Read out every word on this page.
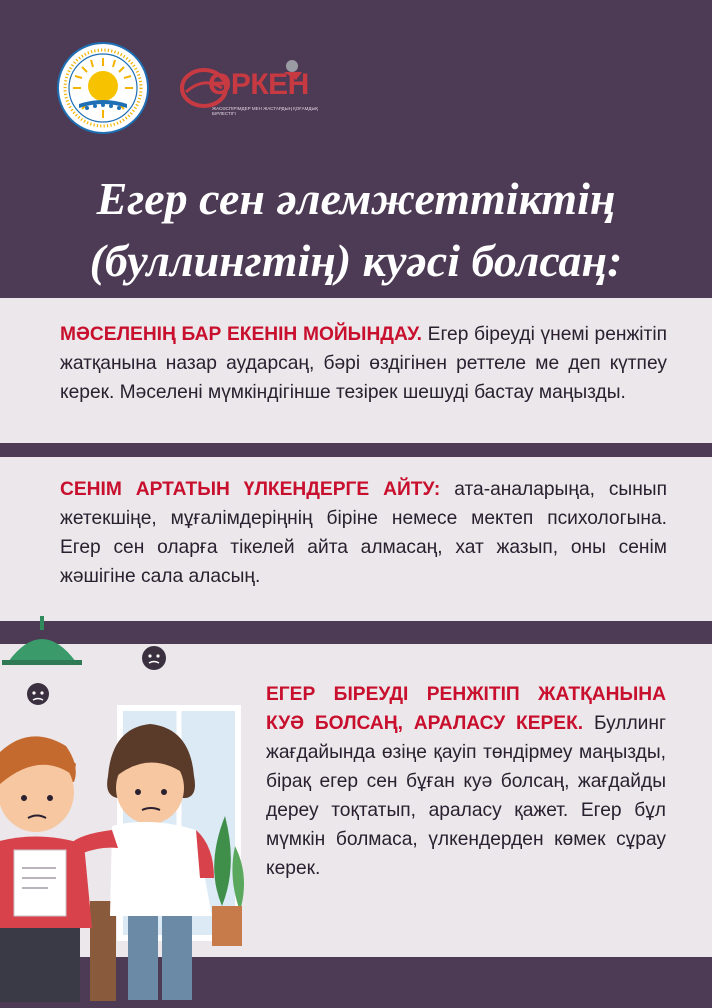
ӨРКЕН
ЖАСӨСПІРІМДЕР МЕН ЖАСТАРДЫҢ ҚОҒАМДЫҚ БІРЛЕСТІГІ
Егер сен әлемжеттіктің
(буллингтің) куәсі болсаң:

МӘСЕЛЕНІҢ БАР ЕКЕНІН МОЙЫНДАУ. Егер біреуді үнемі ренжітіп жатқанына назар аударсаң, бәрі өздігінен реттеле ме деп күтпеу керек. Мәселені мүмкіндігінше тезірек шешуді бастау маңызды.

СЕНІМ АРТАТЫН ҮЛКЕНДЕРГЕ АЙТУ: ата-аналарыңа, сынып жетекшіңе, мұғалімдеріңнің біріне немесе мектеп психологына. Егер сен оларға тікелей айта алмасаң, хат жазып, оны сенім жәшігіне сала аласың.

ЕГЕР БІРЕУДІ РЕНЖІТІП ЖАТҚАНЫНА КУӘ БОЛСАҢ, АРАЛАСУ КЕРЕК. Буллинг жағдайында өзіңе қауіп төндірмеу маңызды, бірақ егер сен бұған куә болсаң, жағдайды дереу тоқтатып, араласу қажет. Егер бұл мүмкін болмаса, үлкендерден көмек сұрау керек.
